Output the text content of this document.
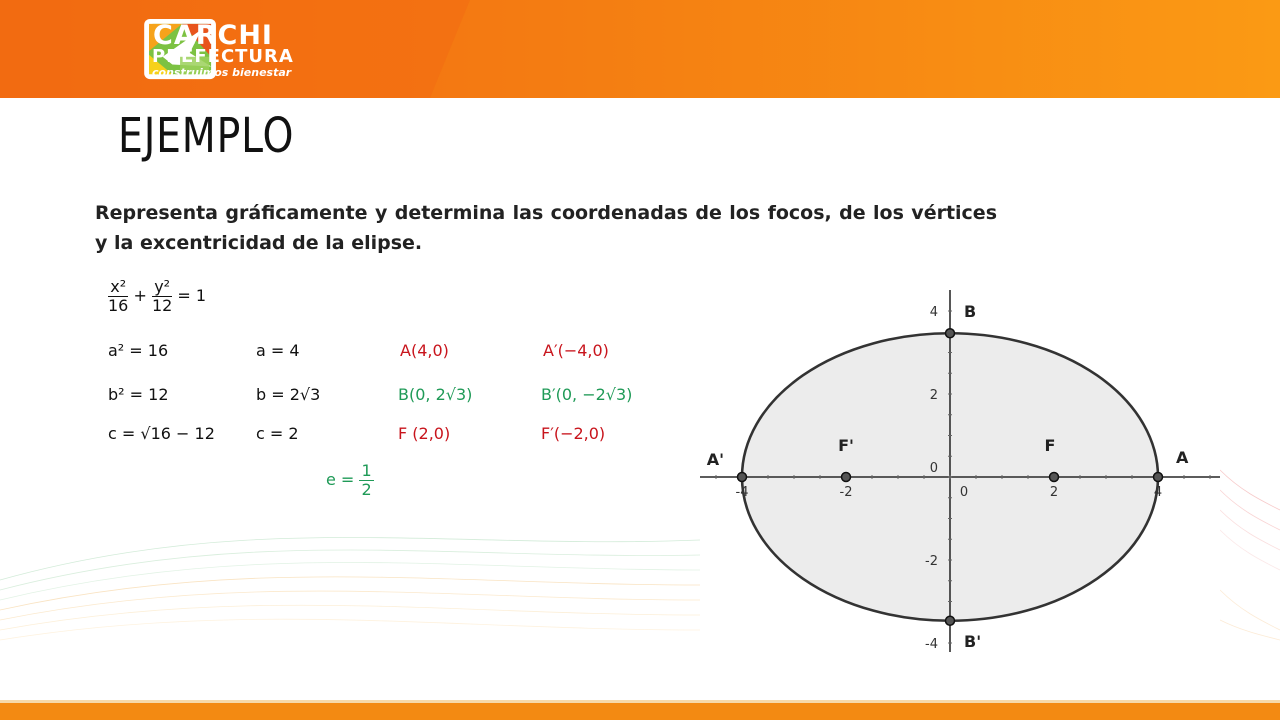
CARCHI
PREFECTURA
construimos bienestar
EJEMPLO
Representa gráficamente y determina las coordenadas de los focos, de los vértices y la excentricidad de la elipse.
$\frac{\text{x²}}{16} + \frac{\text{y²}}{12} = 1$
a² = 16	a = 4	A(4,0)	A′(−4,0)
b² = 12	b = 2√3	B(0, 2√3)	B′(0, −2√3)
c = √16 − 12	c = 2	F (2,0)	F′(−2,0)
$e = \frac{1}{2}$	-4	-2	0	2	4
4
2
0
-2
-4
B
B'
A
A'
F
F'
